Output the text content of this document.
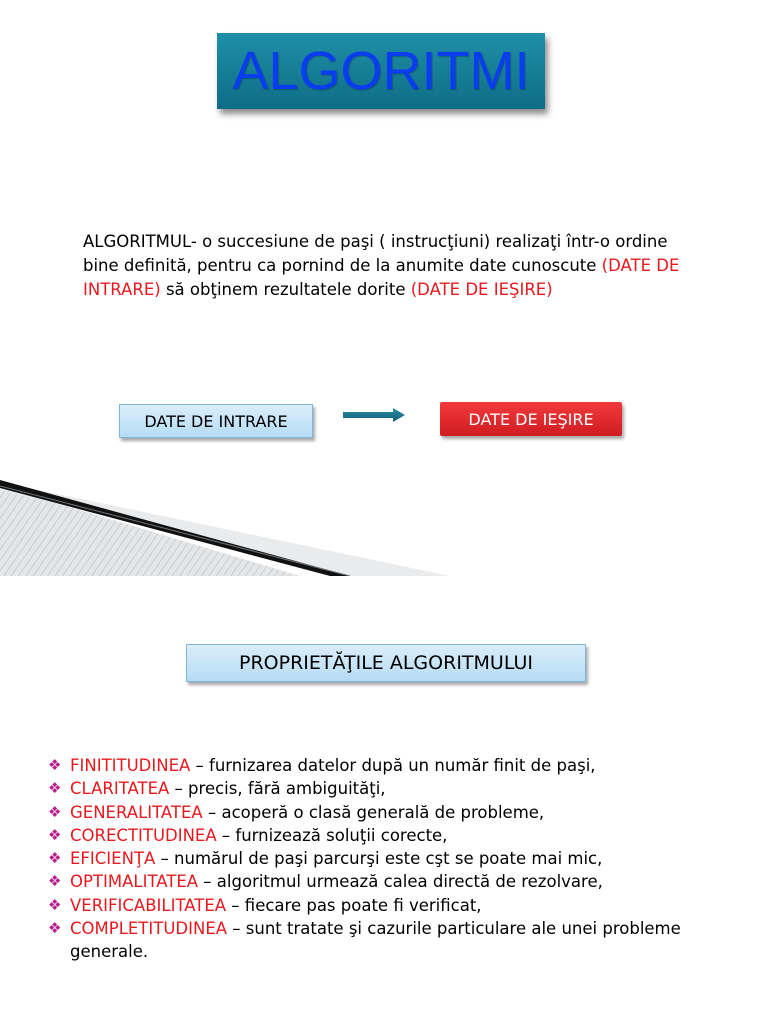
ALGORITMI

ALGORITMUL- o succesiune de paşi ( instrucţiuni) realizaţi într-o ordine bine definită, pentru ca pornind de la anumite date cunoscute (DATE DE INTRARE) să obţinem rezultatele dorite (DATE DE IEŞIRE)

DATE DE INTRARE	DATE DE IEŞIRE
PROPRIETĂŢILE ALGORITMULUI
❖ FINITITUDINEA – furnizarea datelor după un număr finit de paşi,
❖ CLARITATEA – precis, fără ambiguităţi,
❖ GENERALITATEA – acoperă o clasă generală de probleme,
❖ CORECTITUDINEA – furnizează soluţii corecte,
❖ EFICIENŢA – numărul de paşi parcurşi este cşt se poate mai mic,
❖ OPTIMALITATEA – algoritmul urmează calea directă de rezolvare,
❖ VERIFICABILITATEA – fiecare pas poate fi verificat,
❖ COMPLETITUDINEA – sunt tratate şi cazurile particulare ale unei probleme generale.
